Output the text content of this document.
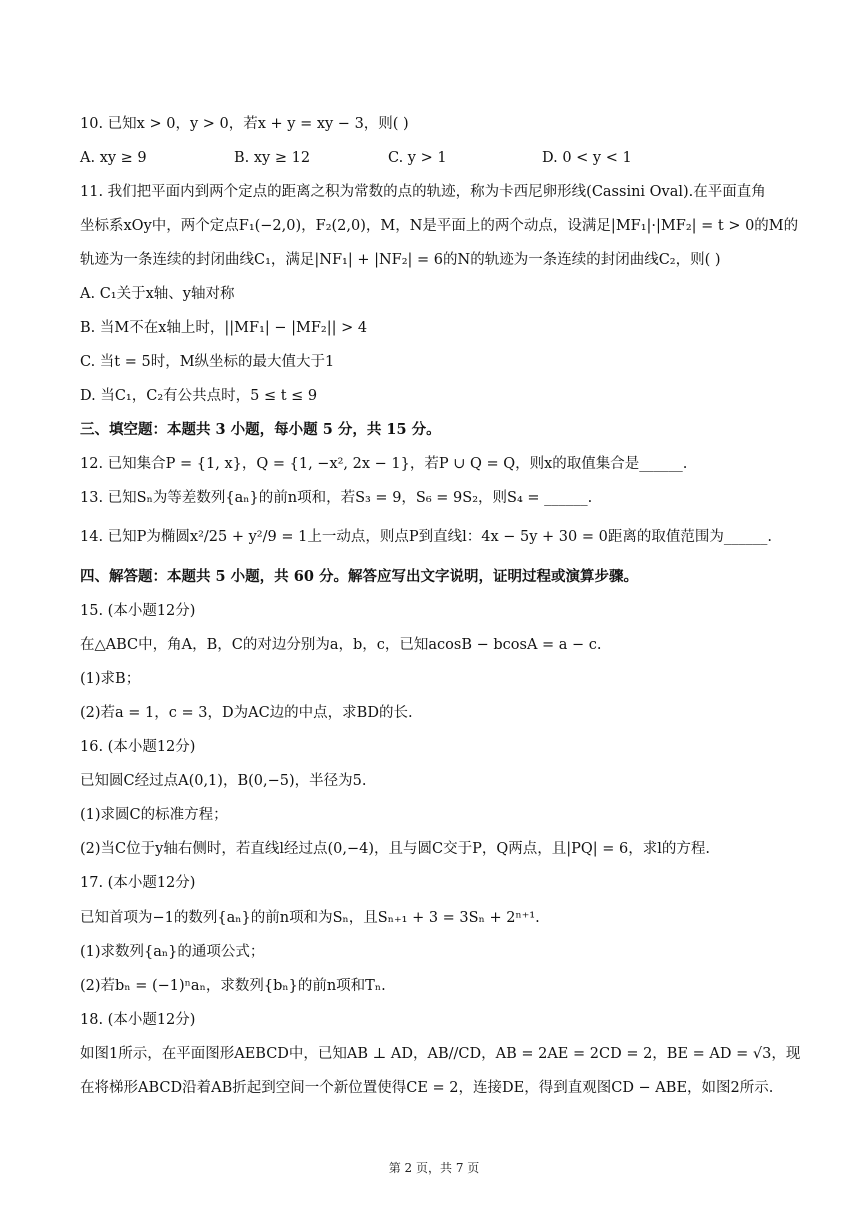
10. 已知x > 0，y > 0，若x + y = xy − 3，则( )
A. xy ≥ 9	B. xy ≥ 12	C. y > 1	D. 0 < y < 1
11. 我们把平面内到两个定点的距离之积为常数的点的轨迹，称为卡西尼卵形线(Cassini Oval).在平面直角
坐标系xOy中，两个定点F₁(−2,0)，F₂(2,0)，M，N是平面上的两个动点，设满足|MF₁|·|MF₂| = t > 0的M的
轨迹为一条连续的封闭曲线C₁，满足|NF₁| + |NF₂| = 6的N的轨迹为一条连续的封闭曲线C₂，则( )
A. C₁关于x轴、y轴对称
B. 当M不在x轴上时，||MF₁| − |MF₂|| > 4
C. 当t = 5时，M纵坐标的最大值大于1
D. 当C₁，C₂有公共点时，5 ≤ t ≤ 9
三、填空题：本题共 3 小题，每小题 5 分，共 15 分。
12. 已知集合P = {1, x}，Q = {1, −x², 2x − 1}，若P ∪ Q = Q，则x的取值集合是______.
13. 已知Sₙ为等差数列{aₙ}的前n项和，若S₃ = 9，S₆ = 9S₂，则S₄ = ______.
14. 已知P为椭圆x²/25 + y²/9 = 1上一动点，则点P到直线l：4x − 5y + 30 = 0距离的取值范围为______.
四、解答题：本题共 5 小题，共 60 分。解答应写出文字说明，证明过程或演算步骤。
15. (本小题12分)
在△ABC中，角A，B，C的对边分别为a，b，c，已知acosB − bcosA = a − c.
(1)求B；
(2)若a = 1，c = 3，D为AC边的中点，求BD的长.
16. (本小题12分)
已知圆C经过点A(0,1)，B(0,−5)，半径为5.
(1)求圆C的标准方程；
(2)当C位于y轴右侧时，若直线l经过点(0,−4)，且与圆C交于P，Q两点，且|PQ| = 6，求l的方程.
17. (本小题12分)
已知首项为−1的数列{aₙ}的前n项和为Sₙ，且Sₙ₊₁ + 3 = 3Sₙ + 2ⁿ⁺¹.
(1)求数列{aₙ}的通项公式；
(2)若bₙ = (−1)ⁿaₙ，求数列{bₙ}的前n项和Tₙ.
18. (本小题12分)
如图1所示，在平面图形AEBCD中，已知AB ⊥ AD，AB//CD，AB = 2AE = 2CD = 2，BE = AD = √3，现
在将梯形ABCD沿着AB折起到空间一个新位置使得CE = 2，连接DE，得到直观图CD − ABE，如图2所示.
第 2 页，共 7 页
